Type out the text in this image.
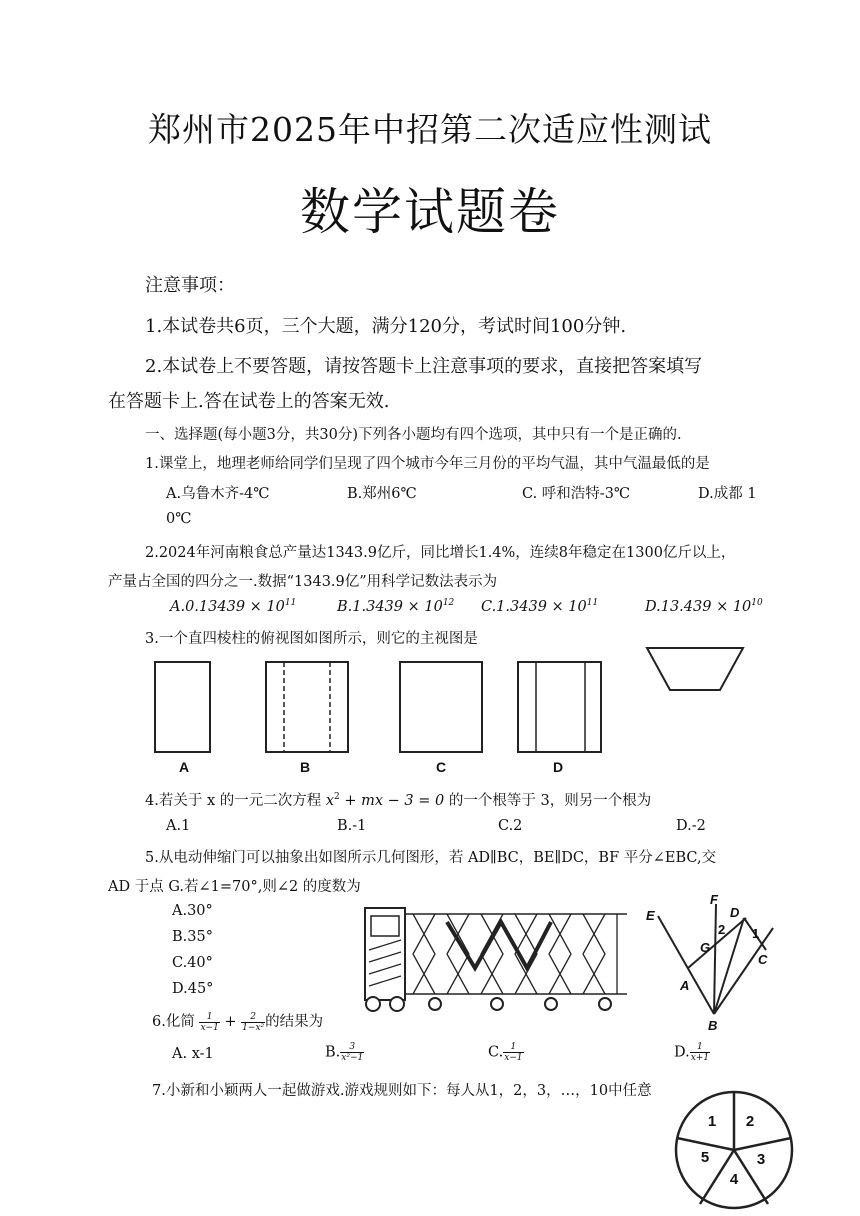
郑州市2025年中招第二次适应性测试
数学试题卷
注意事项：
1.本试卷共6页，三个大题，满分120分，考试时间100分钟.
2.本试卷上不要答题，请按答题卡上注意事项的要求，直接把答案填写
在答题卡上.答在试卷上的答案无效.
一、选择题(每小题3分，共30分)下列各小题均有四个选项，其中只有一个是正确的.
1.课堂上，地理老师给同学们呈现了四个城市今年三月份的平均气温，其中气温最低的是
A.乌鲁木齐-4℃	B.郑州6℃	C. 呼和浩特-3℃	D.成都 1
0℃
2.2024年河南粮食总产量达1343.9亿斤，同比增长1.4%，连续8年稳定在1300亿斤以上，
产量占全国的四分之一.数据“1343.9亿”用科学记数法表示为
$A.0.13439 \times 10^{11}$	$B.1.3439 \times 10^{12}$ $C.1.3439 \times 10^{11}$	$D.13.439 \times 10^{10}$
3.一个直四棱柱的俯视图如图所示，则它的主视图是
A	B	C	D
4.若关于 x 的一元二次方程 $x^2$ + mx − 3 = 0 的一个根等于 3，则另一个根为
A.1	B.-1	C.2	D.-2
5.从电动伸缩门可以抽象出如图所示几何图形，若 AD∥BC，BE∥DC，BF 平分∠EBC,交
AD 于点 G.若∠1=70°,则∠2 的度数为
A.30°
B.35°
C.40°
D.45°
E
F
D
2 1
G
C
A
B
6.化简 $\frac{1}{x-1} + \frac{2}{\text{1−x²}}$ 的结果为
A. x-1	B. $\frac{3}{\text{x²−1}}$	C. $\frac{1}{x-1}$	D. $\frac{1}{x+1}$
7.小新和小颖两人一起做游戏.游戏规则如下：每人从1，2，3，…，10中任意
1 2
3
4
5
